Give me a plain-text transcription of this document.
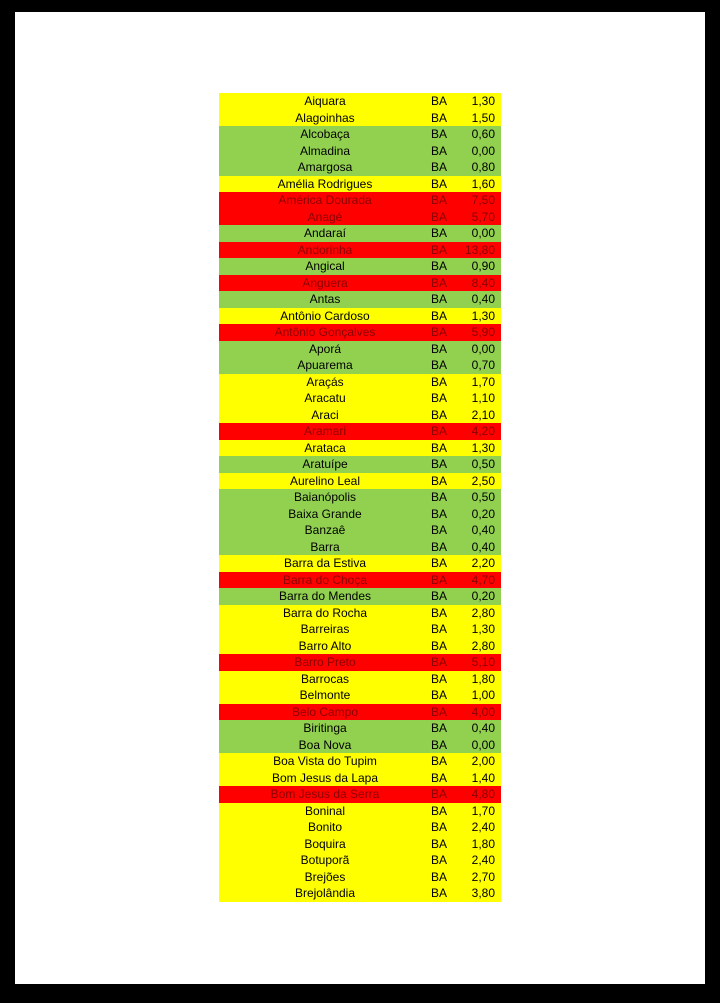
Aiquara	BA	1,30
Alagoinhas	BA	1,50
Alcobaça	BA	0,60
Almadina	BA	0,00
Amargosa	BA	0,80
Amélia Rodrigues	BA	1,60
América Dourada	BA	7,50
Anagé	BA	5,70
Andaraí	BA	0,00
Andorinha	BA	13,80
Angical	BA	0,90
Anguera	BA	8,40
Antas	BA	0,40
Antônio Cardoso	BA	1,30
Antônio Gonçalves	BA	5,90
Aporá	BA	0,00
Apuarema	BA	0,70
Araçás	BA	1,70
Aracatu	BA	1,10
Araci	BA	2,10
Aramari	BA	4,20
Arataca	BA	1,30
Aratuípe	BA	0,50
Aurelino Leal	BA	2,50
Baianópolis	BA	0,50
Baixa Grande	BA	0,20
Banzaê	BA	0,40
Barra	BA	0,40
Barra da Estiva	BA	2,20
Barra do Choça	BA	4,70
Barra do Mendes	BA	0,20
Barra do Rocha	BA	2,80
Barreiras	BA	1,30
Barro Alto	BA	2,80
Barro Preto	BA	5,10
Barrocas	BA	1,80
Belmonte	BA	1,00
Belo Campo	BA	4,00
Biritinga	BA	0,40
Boa Nova	BA	0,00
Boa Vista do Tupim	BA	2,00
Bom Jesus da Lapa	BA	1,40
Bom Jesus da Serra	BA	4,80
Boninal	BA	1,70
Bonito	BA	2,40
Boquira	BA	1,80
Botuporã	BA	2,40
Brejões	BA	2,70
Brejolândia	BA	3,80
